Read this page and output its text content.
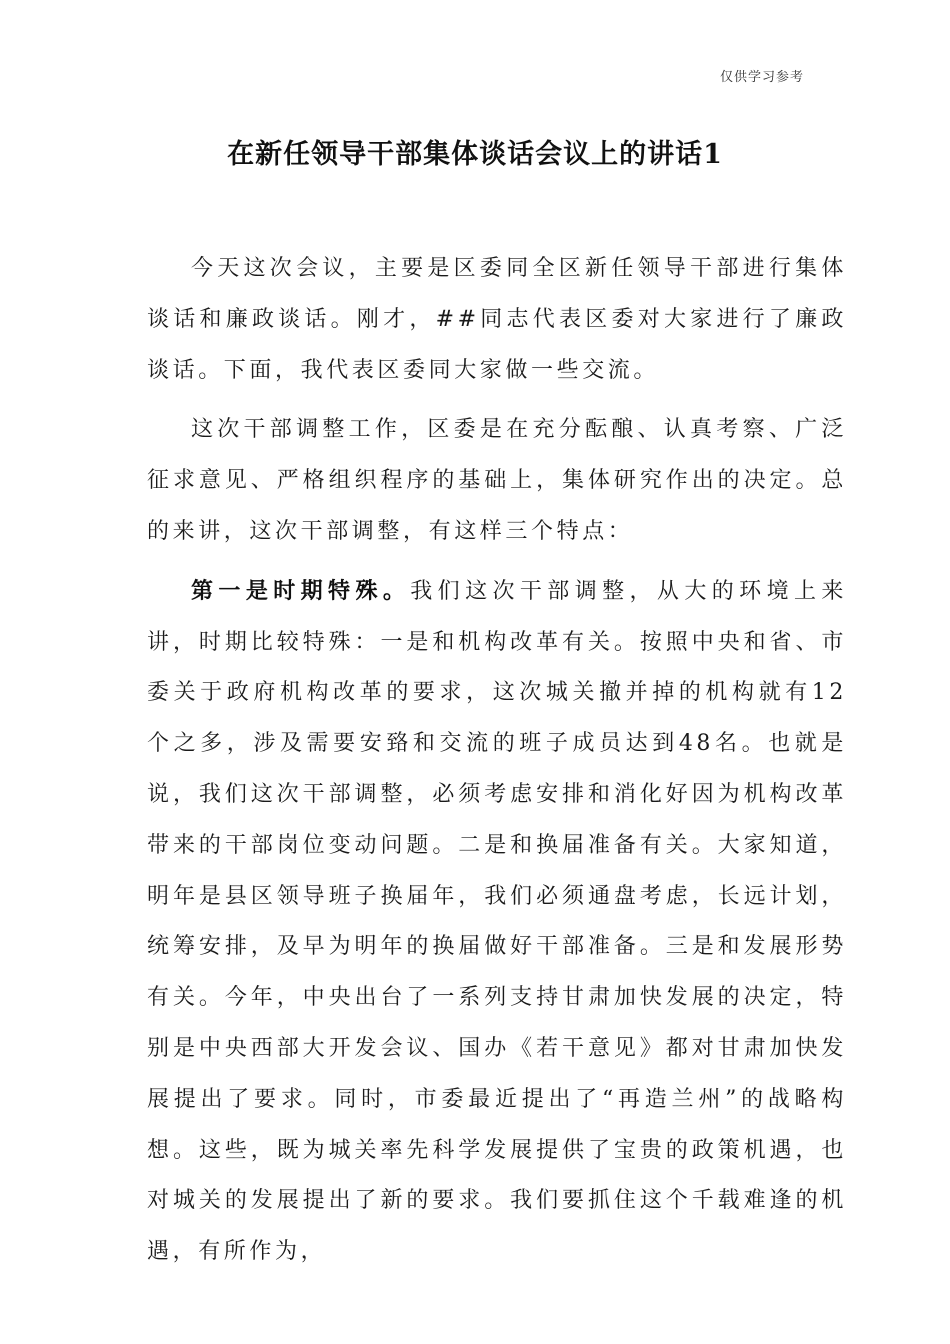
仅供学习参考
在新任领导干部集体谈话会议上的讲话1

今天这次会议，主要是区委同全区新任领导干部进行集体谈话和廉政谈话。刚才，##同志代表区委对大家进行了廉政谈话。下面，我代表区委同大家做一些交流。

这次干部调整工作，区委是在充分酝酿、认真考察、广泛征求意见、严格组织程序的基础上，集体研究作出的决定。总的来讲，这次干部调整，有这样三个特点：

第一是时期特殊。我们这次干部调整，从大的环境上来讲，时期比较特殊：一是和机构改革有关。按照中央和省、市委关于政府机构改革的要求，这次城关撤并掉的机构就有12个之多，涉及需要安臵和交流的班子成员达到48名。也就是说，我们这次干部调整，必须考虑安排和消化好因为机构改革带来的干部岗位变动问题。二是和换届准备有关。大家知道，明年是县区领导班子换届年，我们必须通盘考虑，长远计划，统筹安排，及早为明年的换届做好干部准备。三是和发展形势有关。今年，中央出台了一系列支持甘肃加快发展的决定，特别是中央西部大开发会议、国办《若干意见》都对甘肃加快发展提出了要求。同时，市委最近提出了“再造兰州”的战略构想。这些，既为城关率先科学发展提供了宝贵的政策机遇，也对城关的发展提出了新的要求。我们要抓住这个千载难逢的机遇，有所作为，
